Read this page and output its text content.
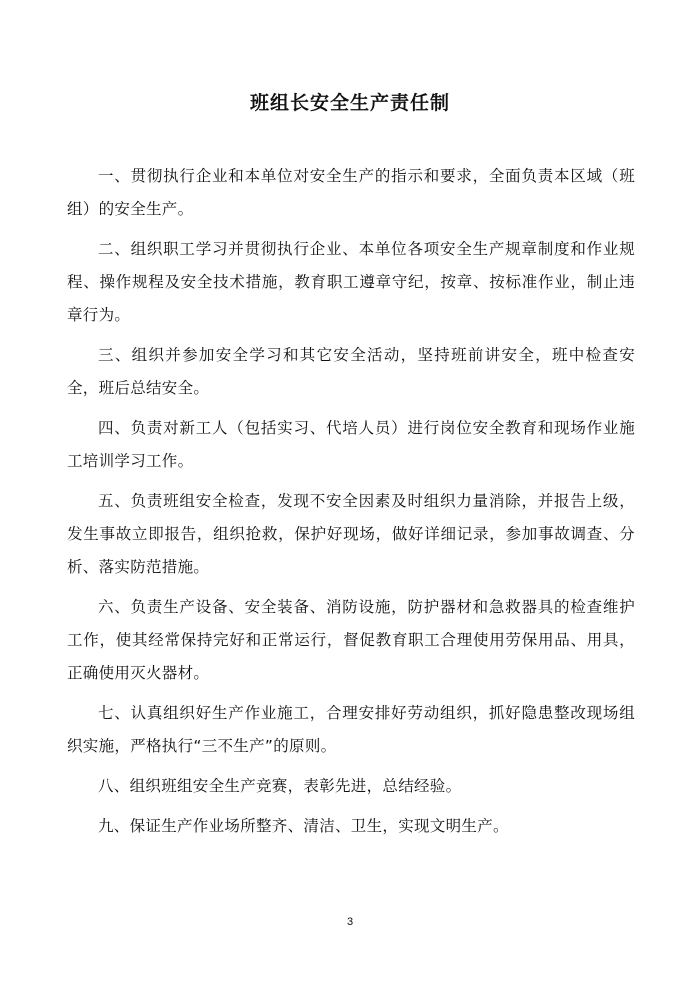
班组长安全生产责任制

一、贯彻执行企业和本单位对安全生产的指示和要求，全面负责本区域（班组）的安全生产。

二、组织职工学习并贯彻执行企业、本单位各项安全生产规章制度和作业规程、操作规程及安全技术措施，教育职工遵章守纪，按章、按标准作业，制止违章行为。

三、组织并参加安全学习和其它安全活动，坚持班前讲安全，班中检查安全，班后总结安全。

四、负责对新工人（包括实习、代培人员）进行岗位安全教育和现场作业施工培训学习工作。

五、负责班组安全检查，发现不安全因素及时组织力量消除，并报告上级，发生事故立即报告，组织抢救，保护好现场，做好详细记录，参加事故调查、分析、落实防范措施。

六、负责生产设备、安全装备、消防设施，防护器材和急救器具的检查维护工作，使其经常保持完好和正常运行，督促教育职工合理使用劳保用品、用具，正确使用灭火器材。

七、认真组织好生产作业施工，合理安排好劳动组织，抓好隐患整改现场组织实施，严格执行“三不生产”的原则。

八、组织班组安全生产竞赛，表彰先进，总结经验。

九、保证生产作业场所整齐、清洁、卫生，实现文明生产。

3
